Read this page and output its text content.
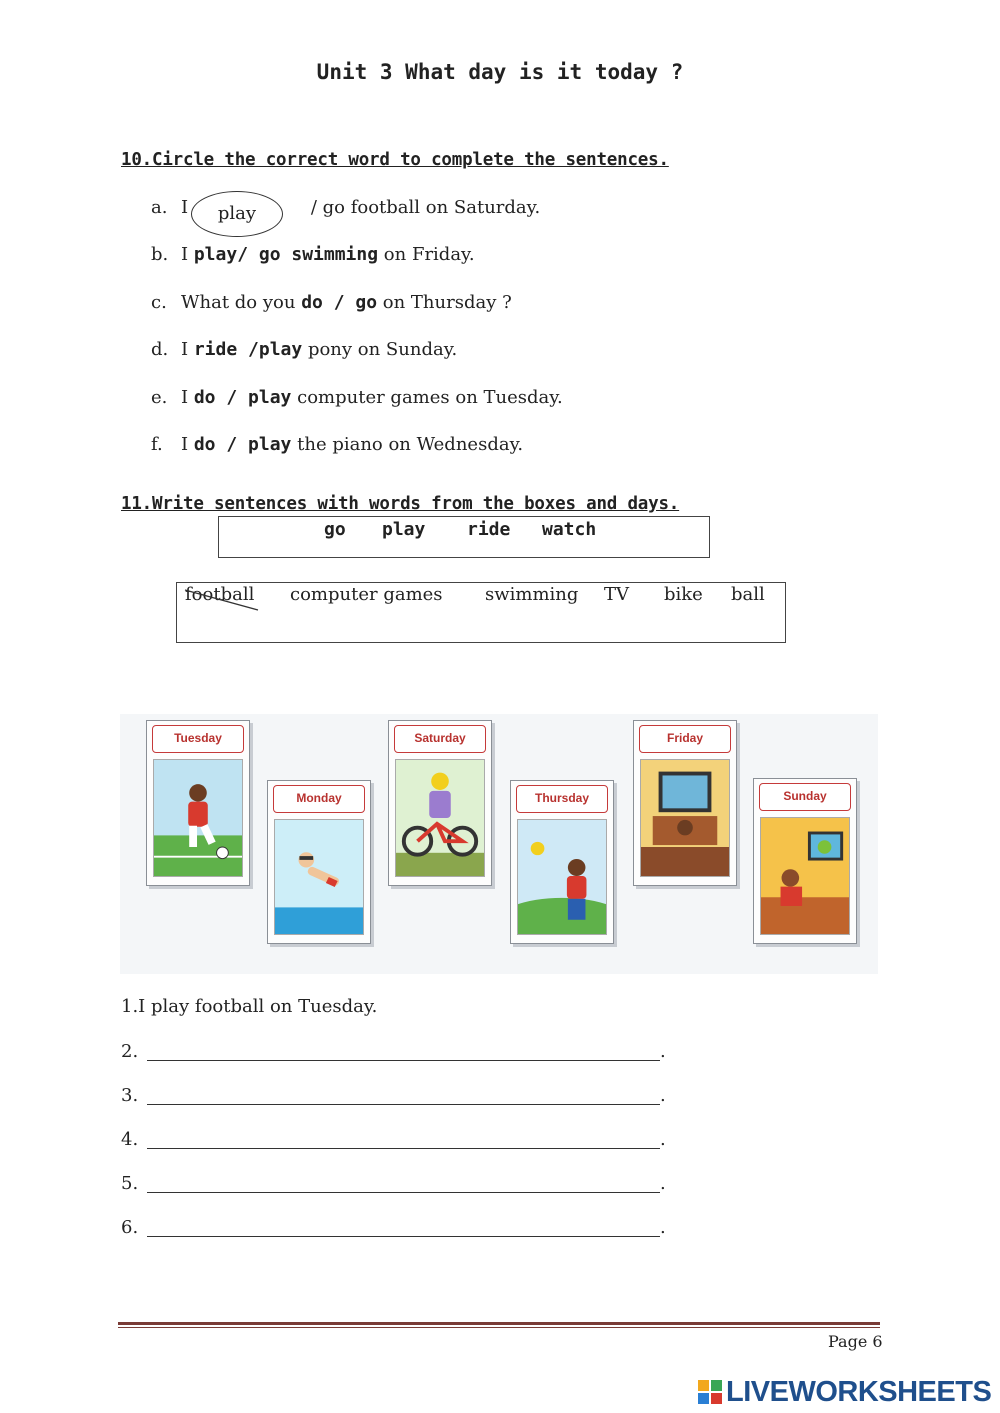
Unit 3 What day is it today ?
10.Circle the correct word to complete the sentences.
play
a. I	/ go football on Saturday.
b. I play/ go swimming on Friday.
c. What do you do / go on Thursday ?
d. I ride /play pony on Sunday.
e. I do / play computer games on Tuesday.
f. I do / play the piano on Wednesday.
11.Write sentences with words from the boxes and days.
go play ride watch
football computer games swimming TV bike ball
Tuesday
Monday
Saturday
Thursday
Friday
Sunday
1.I play football on Tuesday.
2.	.
3.	.
4.	.
5.	.
6.	.
Page 6
LIVEWORKSHEETS
